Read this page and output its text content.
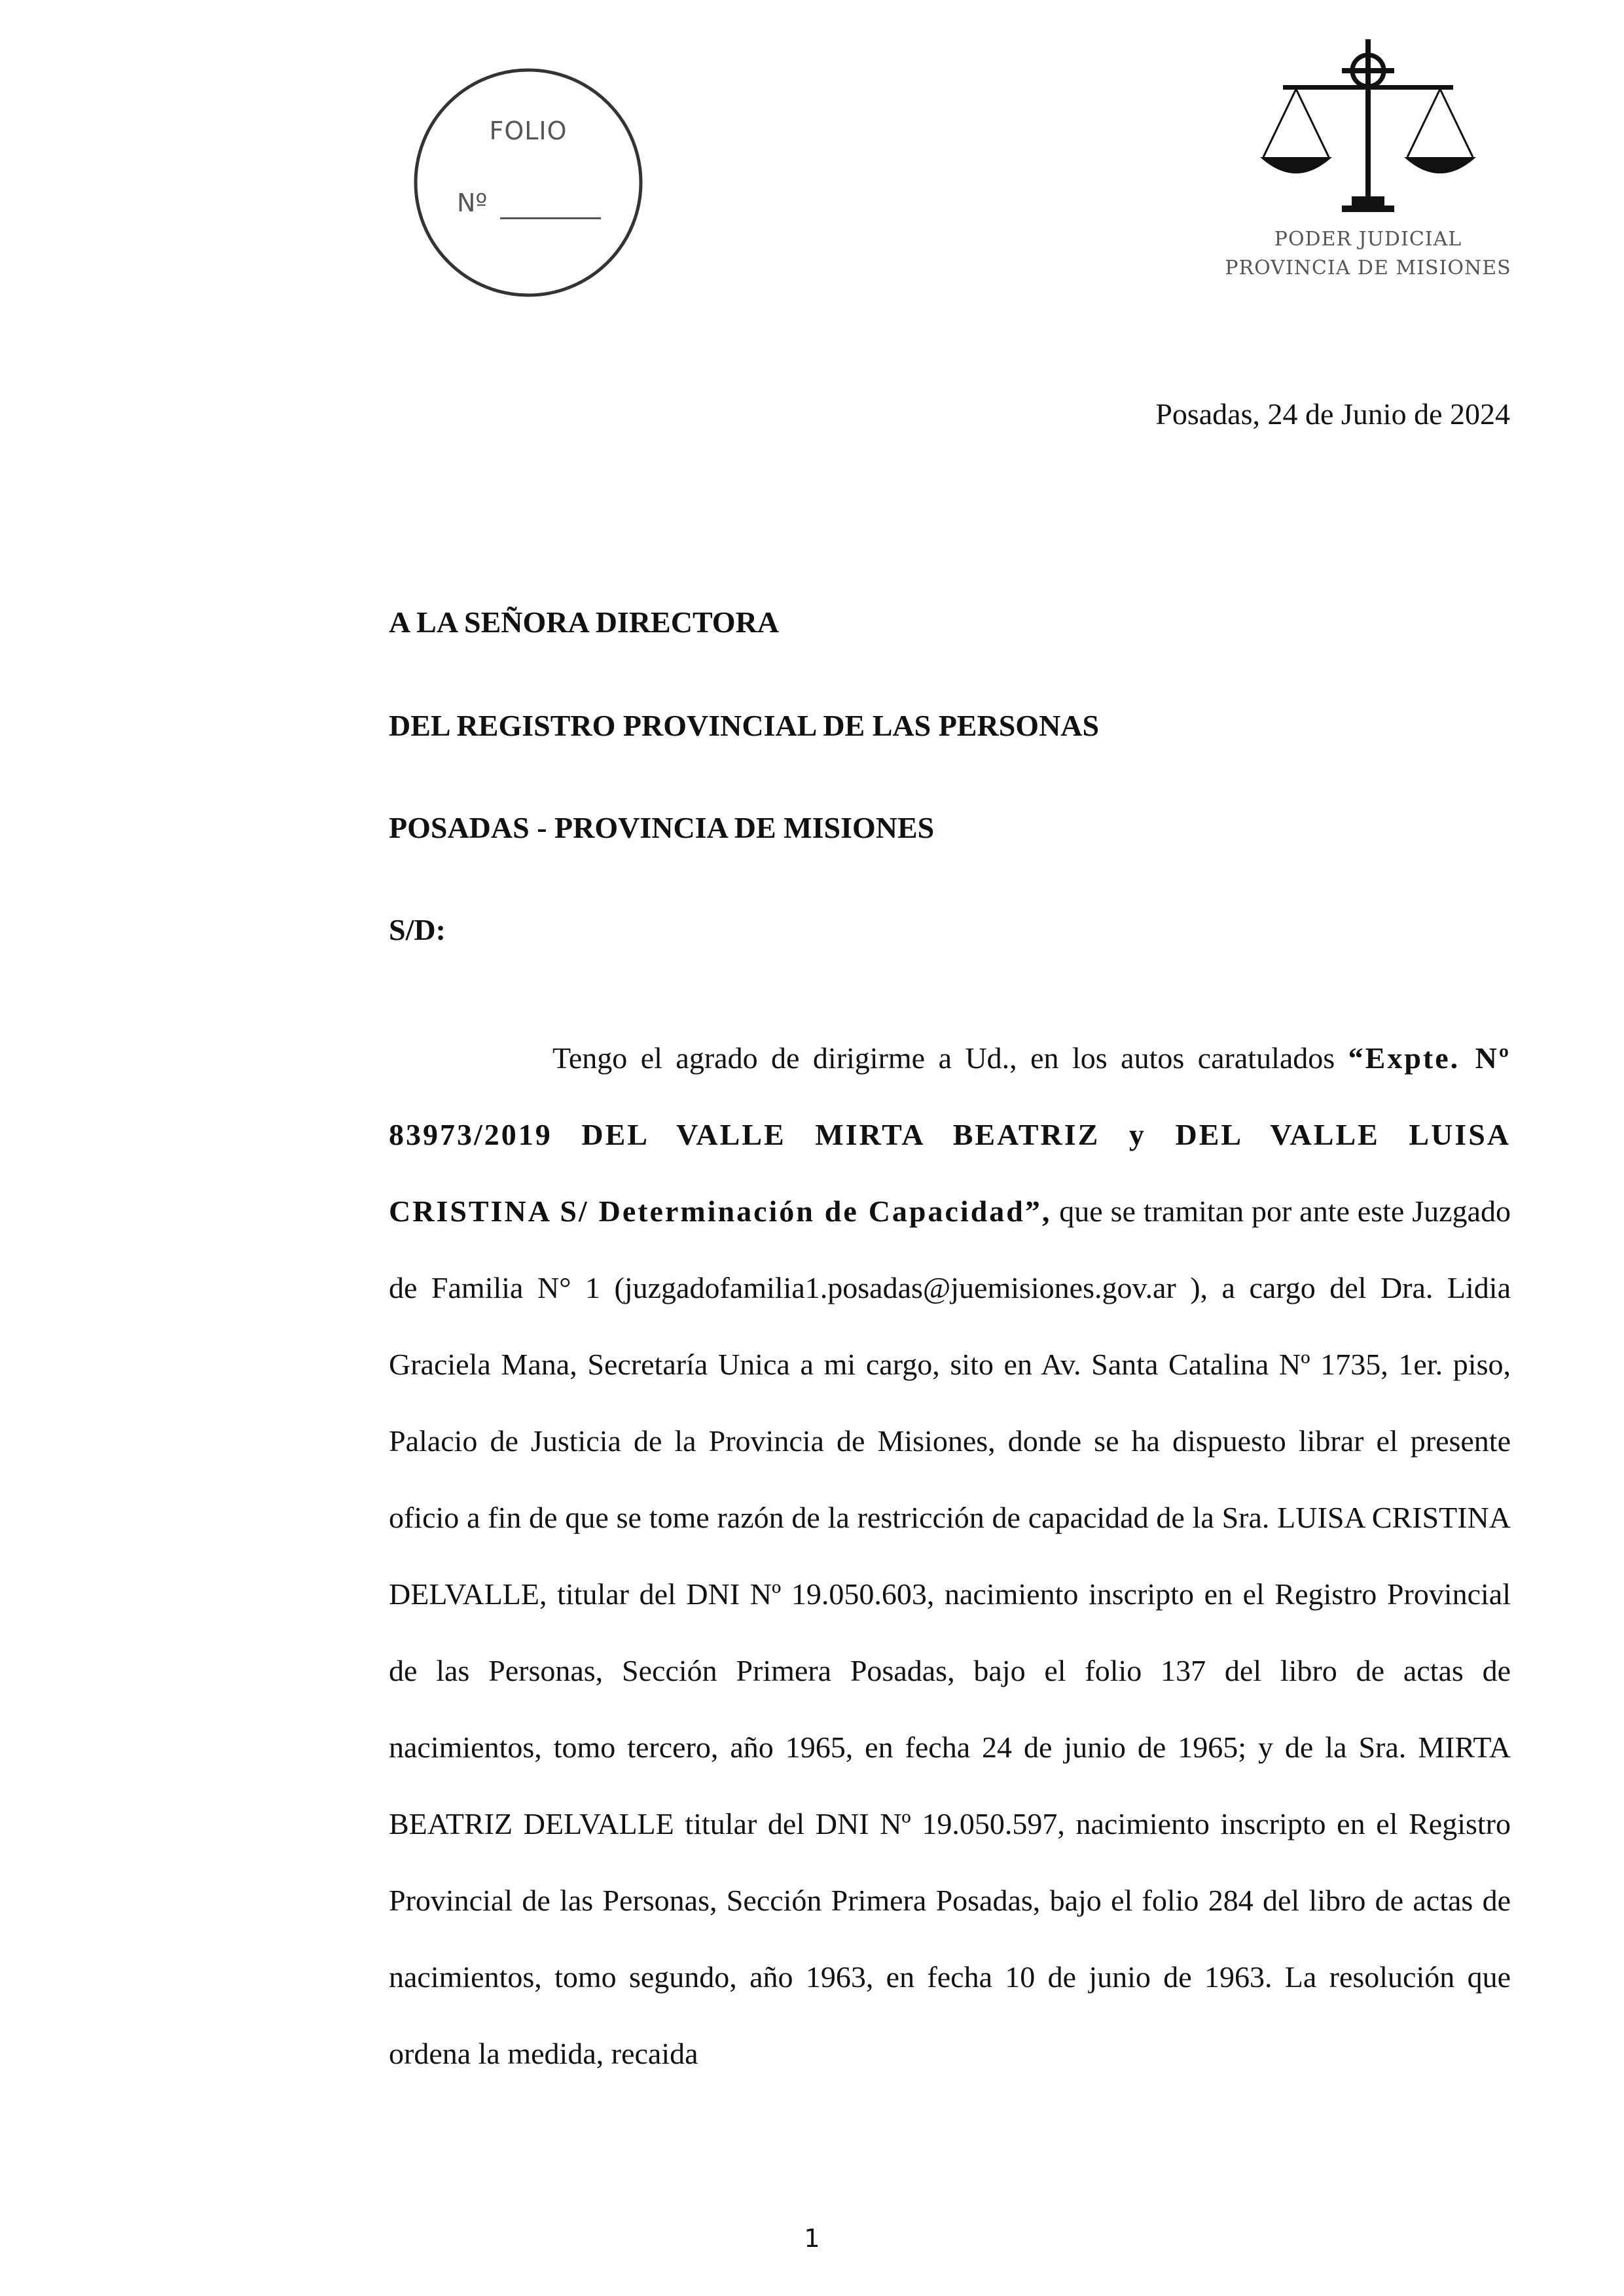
FOLIO
Nº
PODER JUDICIAL
PROVINCIA DE MISIONES
Posadas, 24 de Junio de 2024
A LA SEÑORA DIRECTORA
DEL REGISTRO PROVINCIAL DE LAS PERSONAS
POSADAS - PROVINCIA DE MISIONES
S/D:

Tengo el agrado de dirigirme a Ud., en los autos caratulados “Expte. Nº 83973/2019 DEL VALLE MIRTA BEATRIZ y DEL VALLE LUISA CRISTINA S/ Determinación de Capacidad”, que se tramitan por ante este Juzgado de Familia N° 1 (juzgadofamilia1.posadas@juemisiones.gov.ar ), a cargo del Dra. Lidia Graciela Mana, Secretaría Unica a mi cargo, sito en Av. Santa Catalina Nº 1735, 1er. piso, Palacio de Justicia de la Provincia de Misiones, donde se ha dispuesto librar el presente oficio a fin de que se tome razón de la restricción de capacidad de la Sra. LUISA CRISTINA DELVALLE, titular del DNI Nº 19.050.603, nacimiento inscripto en el Registro Provincial de las Personas, Sección Primera Posadas, bajo el folio 137 del libro de actas de nacimientos, tomo tercero, año 1965, en fecha 24 de junio de 1965; y de la Sra. MIRTA BEATRIZ DELVALLE titular del DNI Nº 19.050.597, nacimiento inscripto en el Registro Provincial de las Personas, Sección Primera Posadas, bajo el folio 284 del libro de actas de nacimientos, tomo segundo, año 1963, en fecha 10 de junio de 1963. La resolución que ordena la medida, recaida

1
